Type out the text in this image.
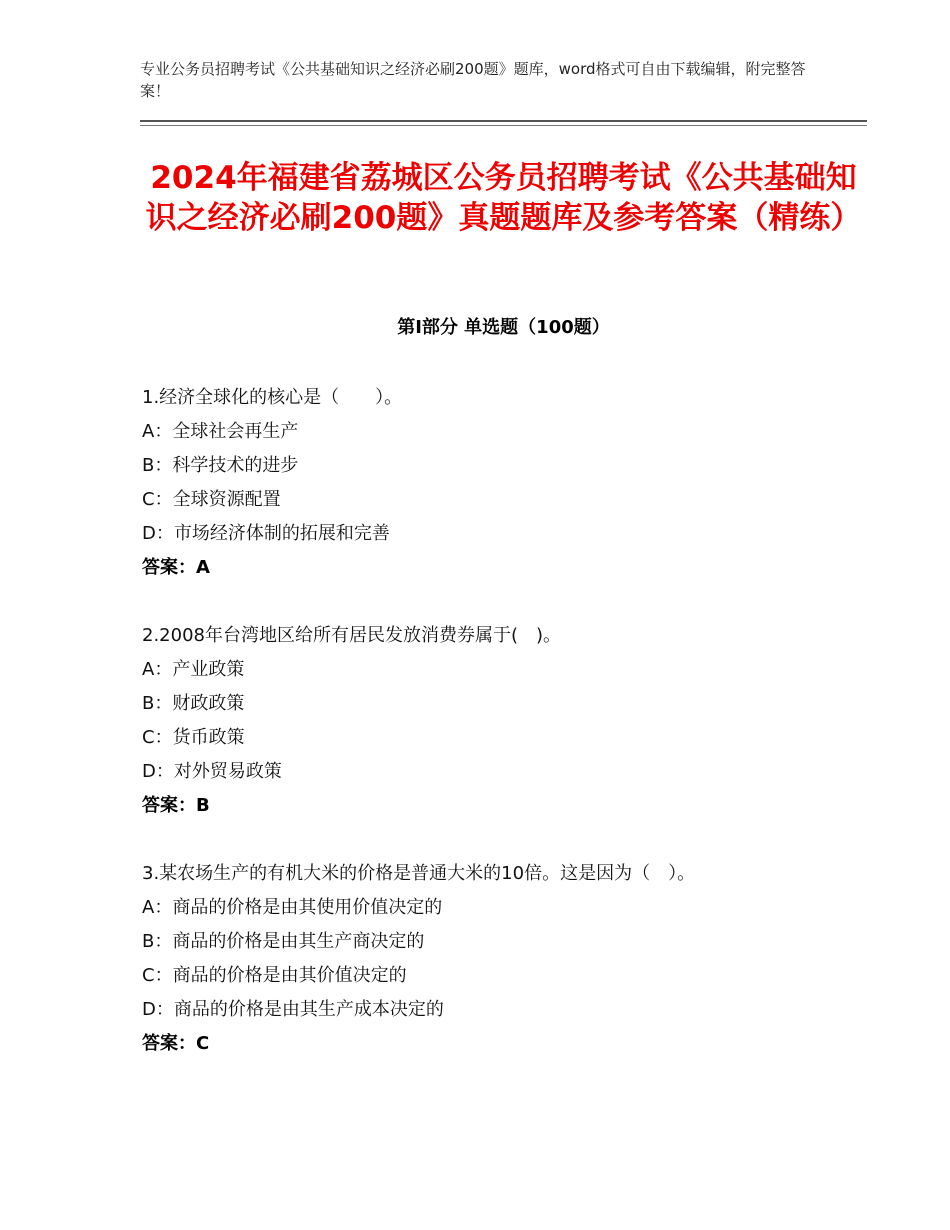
专业公务员招聘考试《公共基础知识之经济必刷200题》题库，word格式可自由下载编辑，附完整答案！
2024年福建省荔城区公务员招聘考试《公共基础知识之经济必刷200题》真题题库及参考答案（精练）
第Ⅰ部分 单选题（100题）
1.经济全球化的核心是（　　）。
A：全球社会再生产
B：科学技术的进步
C：全球资源配置
D：市场经济体制的拓展和完善
答案：A
2.2008年台湾地区给所有居民发放消费券属于(　)。
A：产业政策
B：财政政策
C：货币政策
D：对外贸易政策
答案：B
3.某农场生产的有机大米的价格是普通大米的10倍。这是因为（　）。
A：商品的价格是由其使用价值决定的
B：商品的价格是由其生产商决定的
C：商品的价格是由其价值决定的
D：商品的价格是由其生产成本决定的
答案：C
